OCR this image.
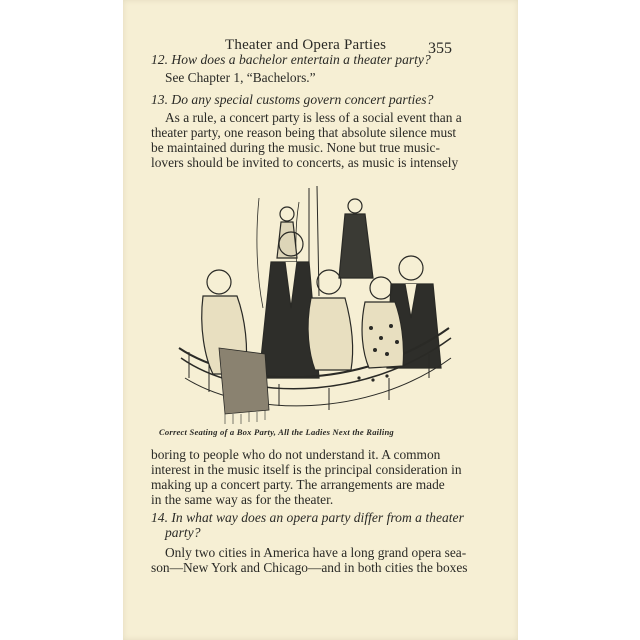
Theater and Opera Parties	355
12. How does a bachelor entertain a theater party?
See Chapter 1, “Bachelors.”
13. Do any special customs govern concert parties?
As a rule, a concert party is less of a social event than a
theater party, one reason being that absolute silence must
be maintained during the music. None but true music-
lovers should be invited to concerts, as music is intensely
Correct Seating of a Box Party, All the Ladies Next the Railing
boring to people who do not understand it. A common
interest in the music itself is the principal consideration in
making up a concert party. The arrangements are made
in the same way as for the theater.
14. In what way does an opera party differ from a theater
party?
Only two cities in America have a long grand opera sea-
son—New York and Chicago—and in both cities the boxes
